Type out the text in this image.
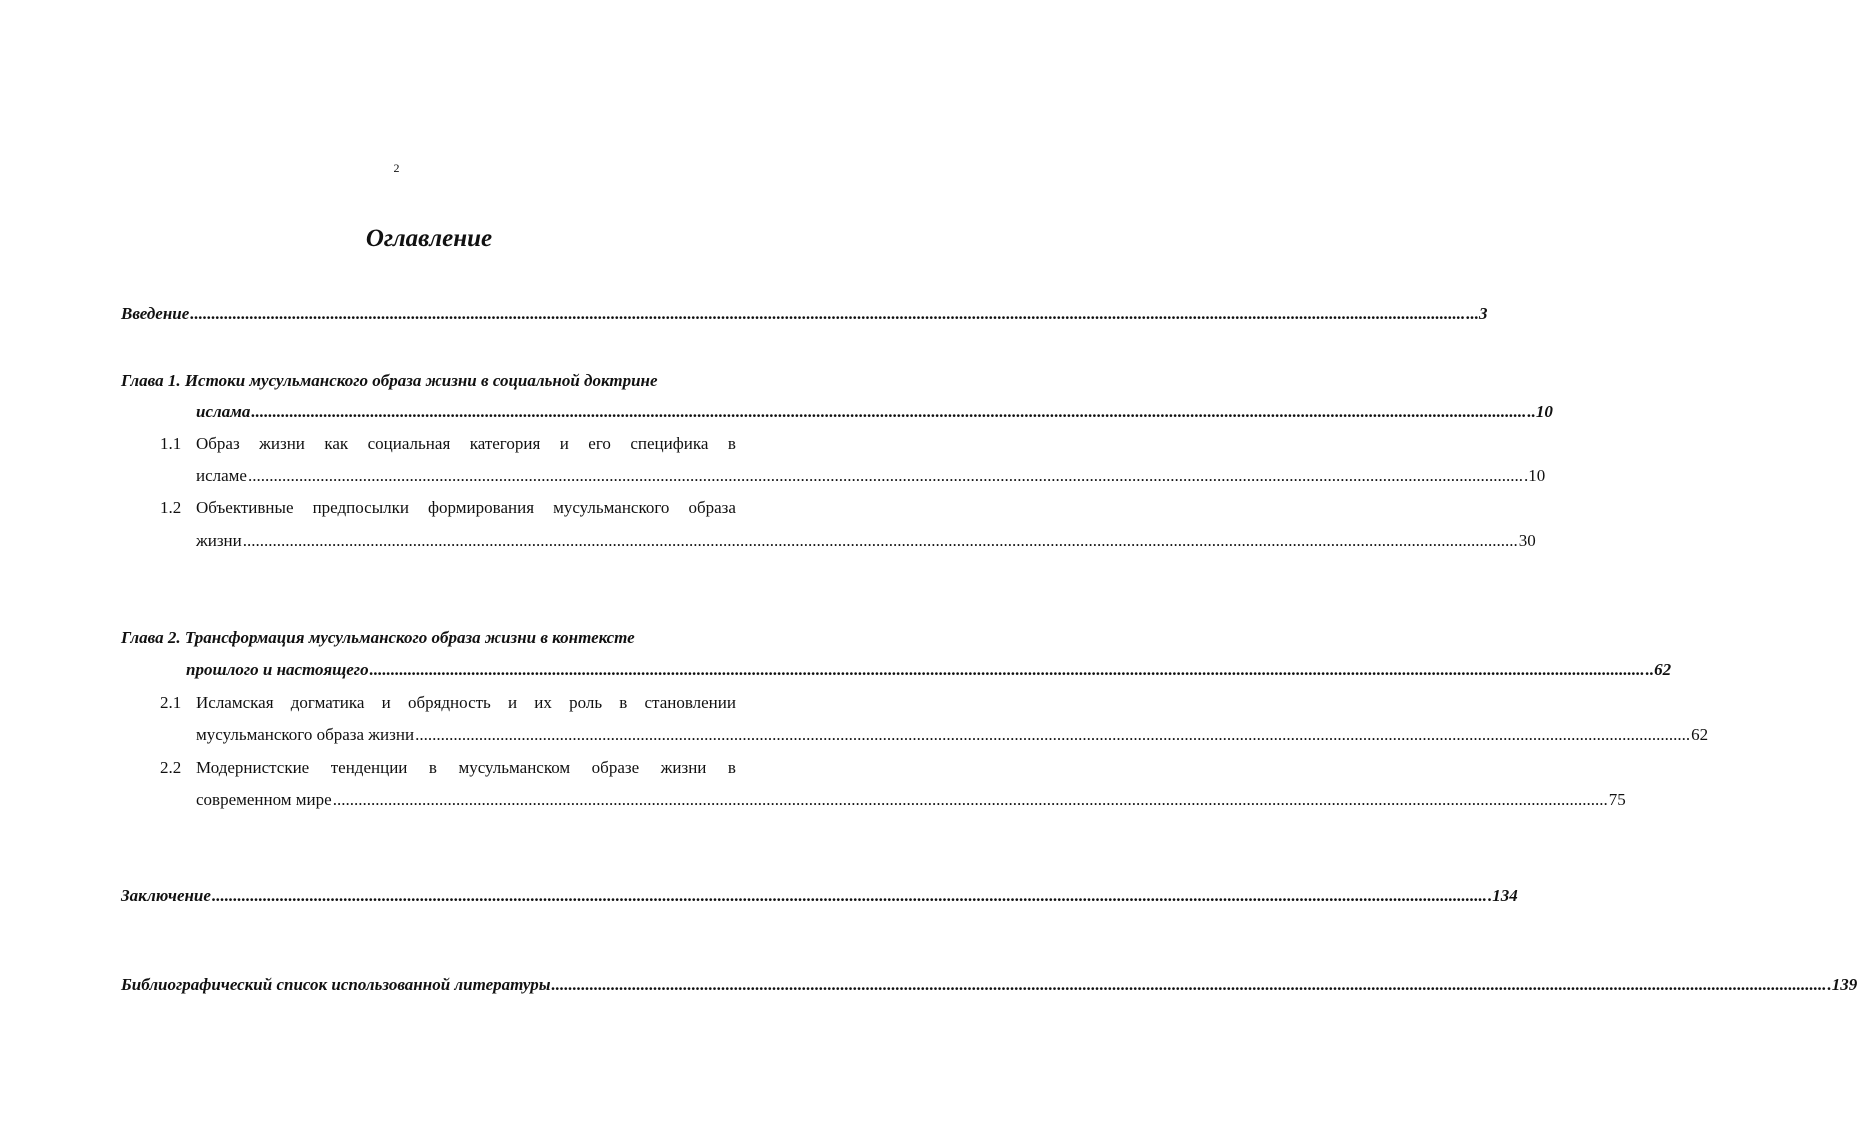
2
Оглавление
Введение ............................................................................................................................................................................................................................................................................................................ ...3
Глава 1. Истоки мусульманского образа жизни в социальной доктрине
ислама ............................................................................................................................................................................................................................................................................................................ ..10
1.1 Образ жизни как социальная категория и его специфика в
исламе ............................................................................................................................................................................................................................................................................................................ .10
1.2 Объективные предпосылки формирования мусульманского образа
жизни ............................................................................................................................................................................................................................................................................................................ 30
Глава 2. Трансформация мусульманского образа жизни в контексте
прошлого и настоящего ............................................................................................................................................................................................................................................................................................................ ..62
2.1 Исламская догматика и обрядность и их роль в становлении
мусульманского образа жизни ............................................................................................................................................................................................................................................................................................................ 62
2.2 Модернистские тенденции в мусульманском образе жизни в
современном мире ............................................................................................................................................................................................................................................................................................................ 75
Заключение ............................................................................................................................................................................................................................................................................................................ .134
Библиографический список использованной литературы ............................................................................................................................................................................................................................................................................................................ .139
